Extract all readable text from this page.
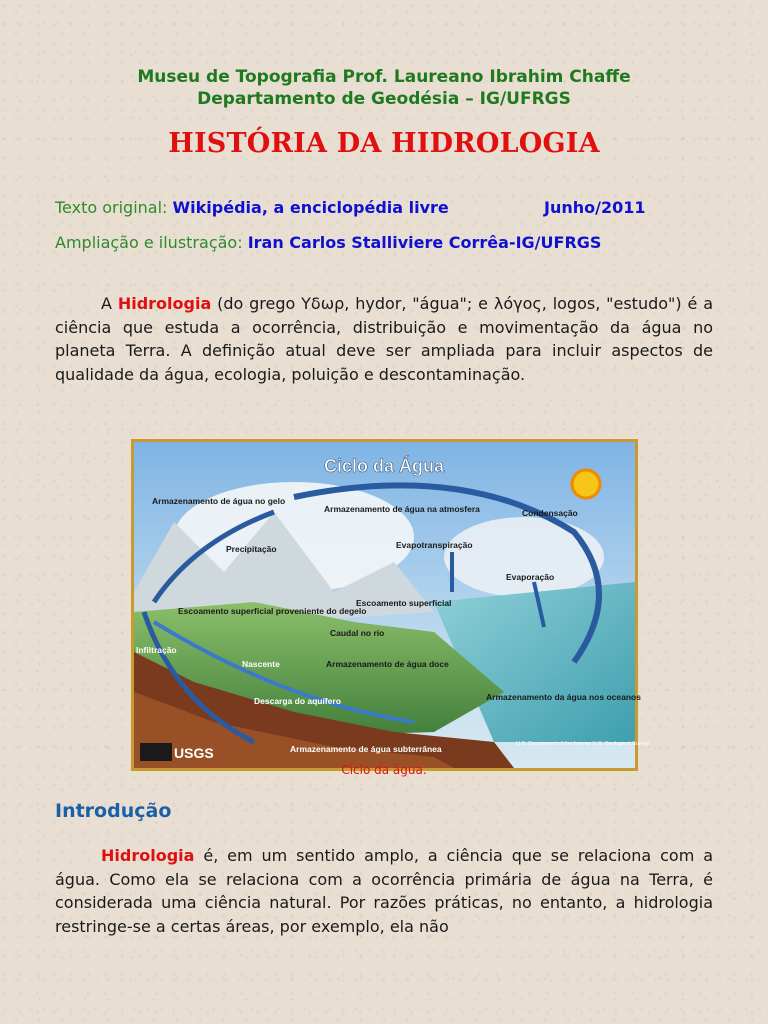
Museu de Topografia Prof. Laureano Ibrahim Chaffe
Departamento de Geodésia – IG/UFRGS
HISTÓRIA DA HIDROLOGIA
Texto original: Wikipédia, a enciclopédia livre	Junho/2011
Ampliação e ilustração: Iran Carlos Stalliviere Corrêa-IG/UFRGS
A Hidrologia (do grego Υδωρ, hydor, "água"; e λόγος, logos, "estudo") é a ciência que estuda a ocorrência, distribuição e movimentação da água no planeta Terra. A definição atual deve ser ampliada para incluir aspectos de qualidade da água, ecologia, poluição e descontaminação.
Ciclo da Água
Armazenamento de água no gelo
Armazenamento de água na atmosfera	Condensação
Precipitação	Evapotranspiração
Evaporação
Escoamento superficial proveniente do degelo
Escoamento superficial
Infiltração
Caudal no rio
Nascente	Armazenamento de água doce
Armazenamento da água nos oceanos
Descarga do aquífero
Armazenamento de água subterrânea
USGS
U.S. Department of the Interior U.S. Geological Survey
Ciclo da água.
Introdução
Hidrologia é, em um sentido amplo, a ciência que se relaciona com a água. Como ela se relaciona com a ocorrência primária de água na Terra, é considerada uma ciência natural. Por razões práticas, no entanto, a hidrologia restringe-se a certas áreas, por exemplo, ela não
